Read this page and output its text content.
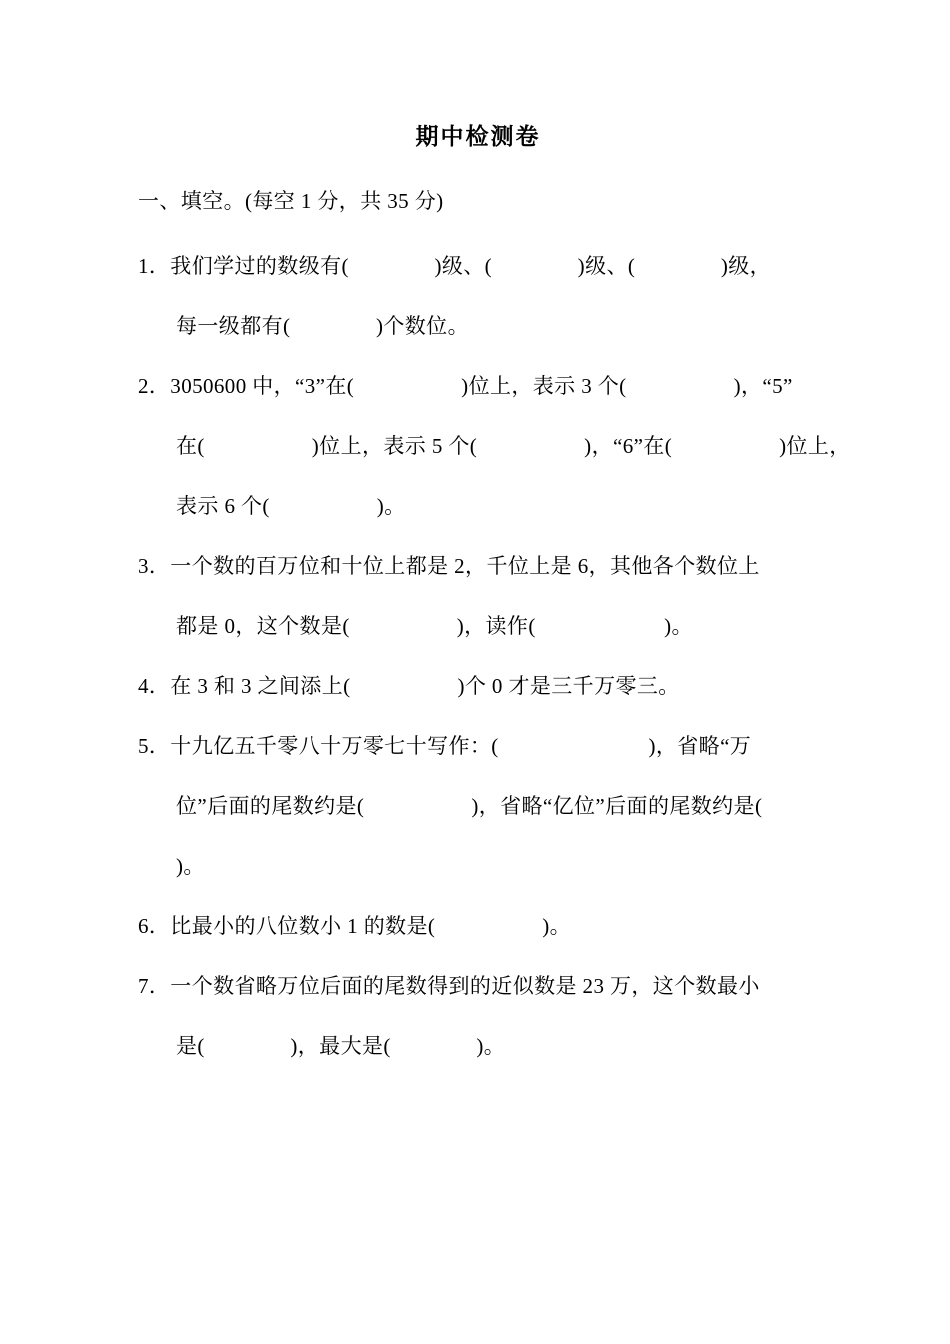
期中检测卷
一、填空。(每空 1 分，共 35 分)
1．我们学过的数级有(　　　　)级、(　　　　)级、(　　　　)级，
每一级都有(　　　　)个数位。
2．3050600 中，“3”在(　　　　　)位上，表示 3 个(　　　　　)，“5”
在(　　　　　)位上，表示 5 个(　　　　　)，“6”在(　　　　　)位上，
表示 6 个(　　　　　)。
3．一个数的百万位和十位上都是 2，千位上是 6，其他各个数位上
都是 0，这个数是(　　　　　)，读作(　　　　　　)。
4．在 3 和 3 之间添上(　　　　　)个 0 才是三千万零三。
5．十九亿五千零八十万零七十写作：(　　　　　　　)，省略“万
位”后面的尾数约是(　　　　　)，省略“亿位”后面的尾数约是(
)。
6．比最小的八位数小 1 的数是(　　　　　)。
7．一个数省略万位后面的尾数得到的近似数是 23 万，这个数最小
是(　　　　)，最大是(　　　　)。
